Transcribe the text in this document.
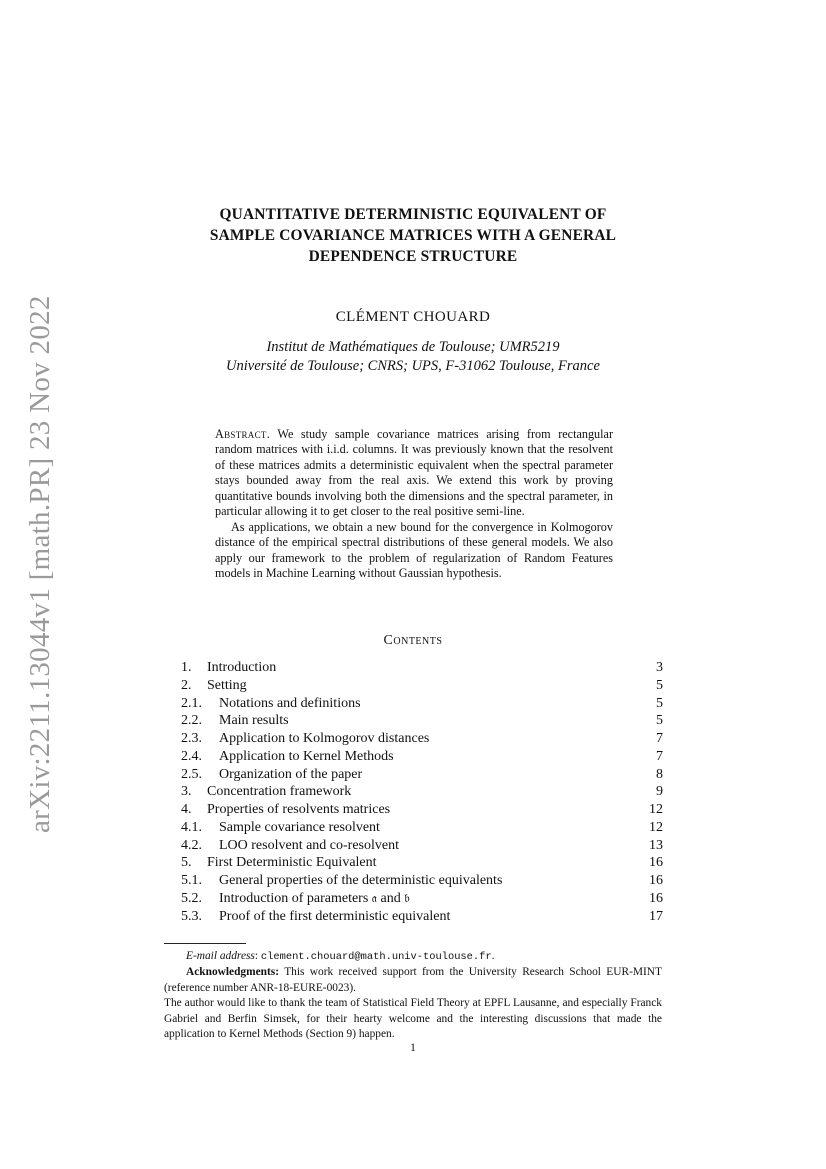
arXiv:2211.13044v1 [math.PR] 23 Nov 2022
QUANTITATIVE DETERMINISTIC EQUIVALENT OF
SAMPLE COVARIANCE MATRICES WITH A GENERAL
DEPENDENCE STRUCTURE
CLÉMENT CHOUARD
Institut de Mathématiques de Toulouse; UMR5219
Université de Toulouse; CNRS; UPS, F-31062 Toulouse, France

Abstract. We study sample covariance matrices arising from rectangular random matrices with i.i.d. columns. It was previously known that the resolvent of these matrices admits a deterministic equivalent when the spectral parameter stays bounded away from the real axis. We extend this work by proving quantitative bounds involving both the dimensions and the spectral parameter, in particular allowing it to get closer to the real positive semi-line.

As applications, we obtain a new bound for the convergence in Kolmogorov distance of the empirical spectral distributions of these general models. We also apply our framework to the problem of regularization of Random Features models in Machine Learning without Gaussian hypothesis.

Contents
1. Introduction	3
2. Setting	5
2.1. Notations and definitions	5
2.2. Main results	5
2.3. Application to Kolmogorov distances	7
2.4. Application to Kernel Methods	7
2.5. Organization of the paper	8
3. Concentration framework	9
4. Properties of resolvents matrices	12
4.1. Sample covariance resolvent	12
4.2. LOO resolvent and co-resolvent	13
5. First Deterministic Equivalent	16
5.1. General properties of the deterministic equivalents	16
5.2. Introduction of parameters 𝔞 and 𝔟	16
5.3. Proof of the first deterministic equivalent	17

E-mail address: clement.chouard@math.univ-toulouse.fr.

Acknowledgments: This work received support from the University Research School EUR-MINT (reference number ANR-18-EURE-0023).

The author would like to thank the team of Statistical Field Theory at EPFL Lausanne, and especially Franck Gabriel and Berfin Simsek, for their hearty welcome and the interesting discussions that made the application to Kernel Methods (Section 9) happen.

1
